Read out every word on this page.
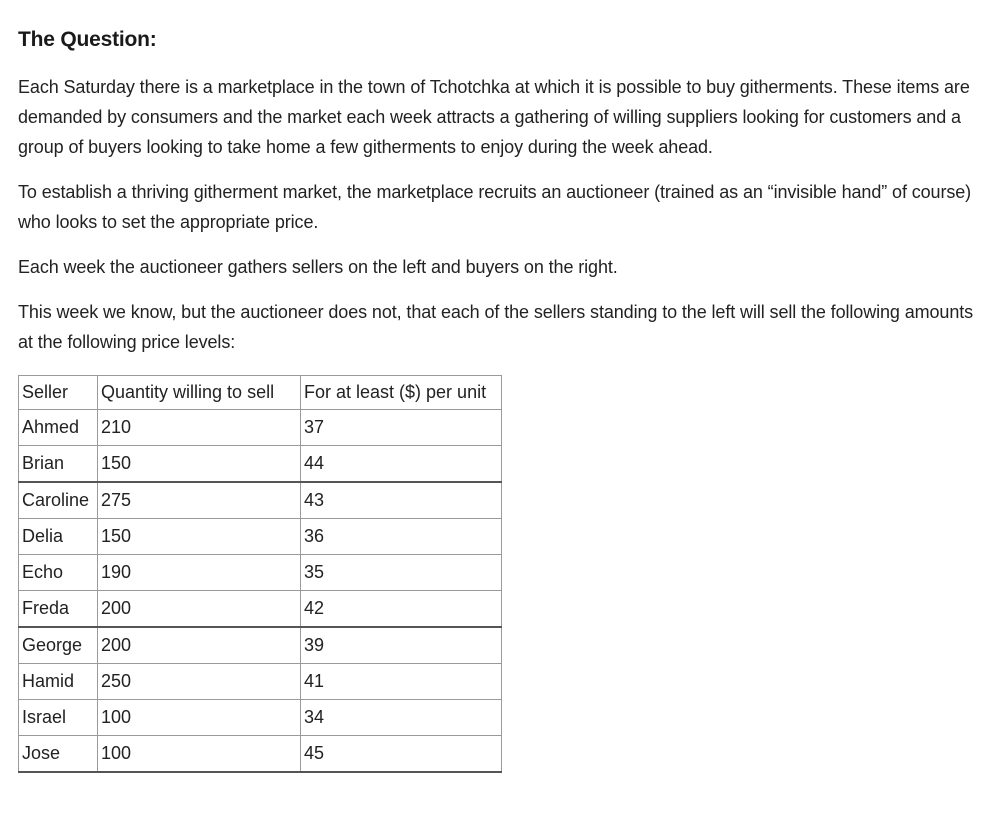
The Question:

Each Saturday there is a marketplace in the town of Tchotchka at which it is possible to buy githerments. These items are demanded by consumers and the market each week attracts a gathering of willing suppliers looking for customers and a group of buyers looking to take home a few githerments to enjoy during the week ahead.

To establish a thriving githerment market, the marketplace recruits an auctioneer (trained as an “invisible hand” of course) who looks to set the appropriate price.

Each week the auctioneer gathers sellers on the left and buyers on the right.

This week we know, but the auctioneer does not, that each of the sellers standing to the left will sell the following amounts at the following price levels:

Seller	Quantity willing to sell	For at least ($) per unit
Ahmed	210	37
Brian	150	44
Caroline	275	43
Delia	150	36
Echo	190	35
Freda	200	42
George	200	39
Hamid	250	41
Israel	100	34
Jose	100	45
